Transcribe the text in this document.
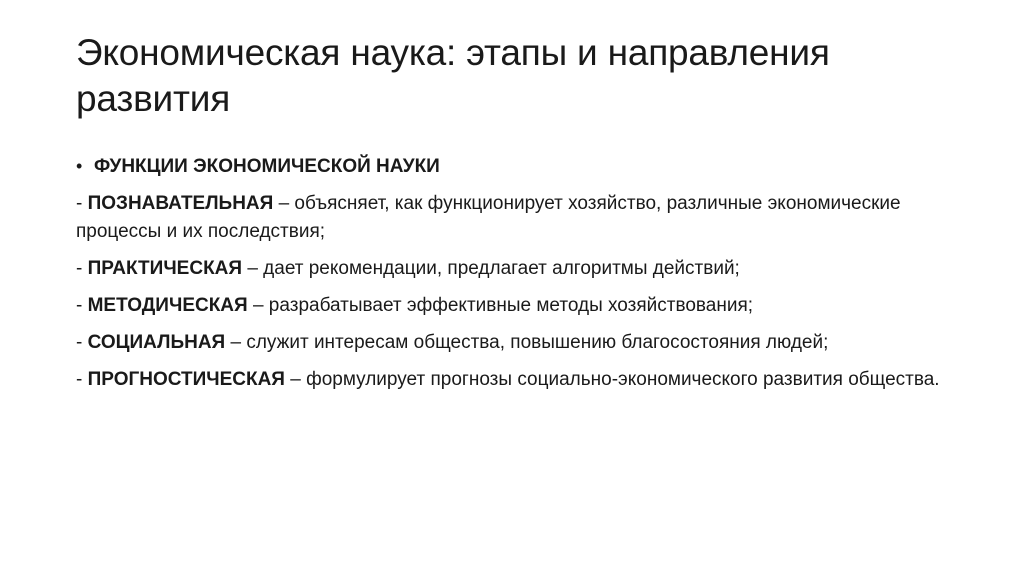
Экономическая наука: этапы и направления развития
• ФУНКЦИИ ЭКОНОМИЧЕСКОЙ НАУКИ
- ПОЗНАВАТЕЛЬНАЯ – объясняет, как функционирует хозяйство, различные экономические процессы и их последствия;
- ПРАКТИЧЕСКАЯ – дает рекомендации, предлагает алгоритмы действий;
- МЕТОДИЧЕСКАЯ – разрабатывает эффективные методы хозяйствования;
- СОЦИАЛЬНАЯ – служит интересам общества, повышению благосостояния людей;
- ПРОГНОСТИЧЕСКАЯ – формулирует прогнозы социально-экономического развития общества.
